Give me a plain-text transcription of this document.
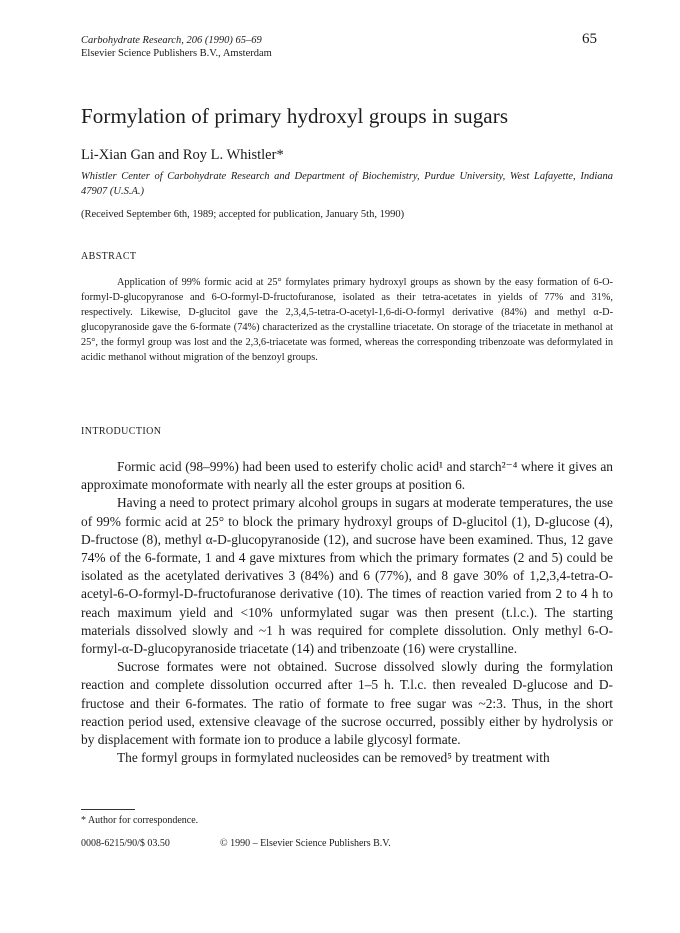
Carbohydrate Research, 206 (1990) 65–69
Elsevier Science Publishers B.V., Amsterdam
65
Formylation of primary hydroxyl groups in sugars
Li-Xian Gan and Roy L. Whistler*
Whistler Center of Carbohydrate Research and Department of Biochemistry, Purdue University, West Lafayette, Indiana 47907 (U.S.A.)
(Received September 6th, 1989; accepted for publication, January 5th, 1990)
ABSTRACT

Application of 99% formic acid at 25° formylates primary hydroxyl groups as shown by the easy formation of 6-O-formyl-D-glucopyranose and 6-O-formyl-D-fructofuranose, isolated as their tetra-acetates in yields of 77% and 31%, respectively. Likewise, D-glucitol gave the 2,3,4,5-tetra-O-acetyl-1,6-di-O-formyl derivative (84%) and methyl α-D-glucopyranoside gave the 6-formate (74%) characterized as the crystalline triacetate. On storage of the triacetate in methanol at 25°, the formyl group was lost and the 2,3,6-triacetate was formed, whereas the corresponding tribenzoate was deformylated in acidic methanol without migration of the benzoyl groups.

INTRODUCTION

Formic acid (98–99%) had been used to esterify cholic acid¹ and starch²⁻⁴ where it gives an approximate monoformate with nearly all the ester groups at position 6.

Having a need to protect primary alcohol groups in sugars at moderate temperatures, the use of 99% formic acid at 25° to block the primary hydroxyl groups of D-glucitol (1), D-glucose (4), D-fructose (8), methyl α-D-glucopyranoside (12), and sucrose have been examined. Thus, 12 gave 74% of the 6-formate, 1 and 4 gave mixtures from which the primary formates (2 and 5) could be isolated as the acetylated derivatives 3 (84%) and 6 (77%), and 8 gave 30% of 1,2,3,4-tetra-O-acetyl-6-O-formyl-D-fructofuranose derivative (10). The times of reaction varied from 2 to 4 h to reach maximum yield and <10% unformylated sugar was then present (t.l.c.). The starting materials dissolved slowly and ~1 h was required for complete dissolution. Only methyl 6-O-formyl-α-D-glucopyranoside triacetate (14) and tribenzoate (16) were crystalline.

Sucrose formates were not obtained. Sucrose dissolved slowly during the formylation reaction and complete dissolution occurred after 1–5 h. T.l.c. then revealed D-glucose and D-fructose and their 6-formates. The ratio of formate to free sugar was ~2:3. Thus, in the short reaction period used, extensive cleavage of the sucrose occurred, possibly either by hydrolysis or by displacement with formate ion to produce a labile glycosyl formate.

The formyl groups in formylated nucleosides can be removed⁵ by treatment with

* Author for correspondence.
0008-6215/90/$ 03.50	© 1990 – Elsevier Science Publishers B.V.
